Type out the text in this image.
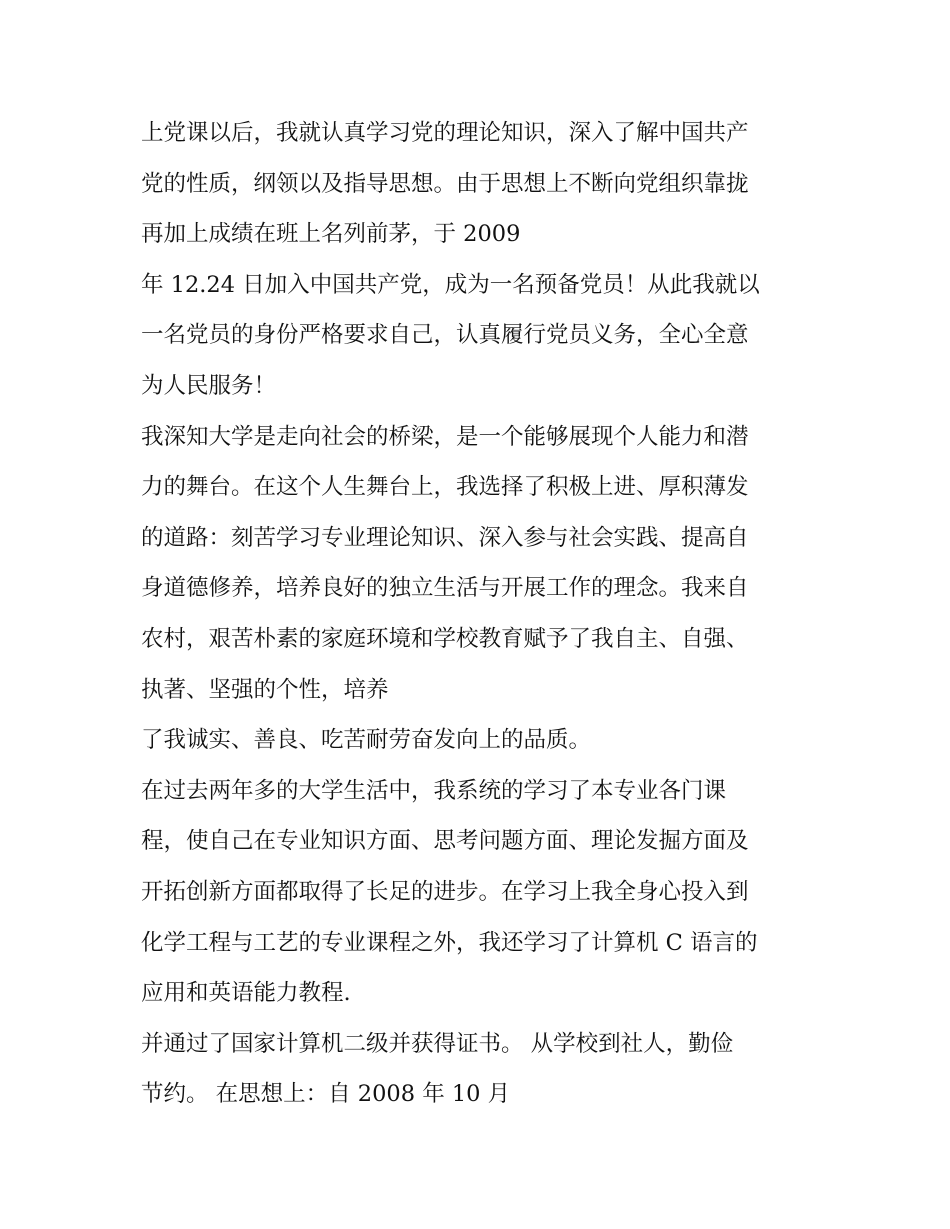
上党课以后，我就认真学习党的理论知识，深入了解中国共产
党的性质，纲领以及指导思想。由于思想上不断向党组织靠拢
再加上成绩在班上名列前茅，于 2009
年 12.24 日加入中国共产党，成为一名预备党员！从此我就以
一名党员的身份严格要求自己，认真履行党员义务，全心全意
为人民服务！
我深知大学是走向社会的桥梁，是一个能够展现个人能力和潜
力的舞台。在这个人生舞台上，我选择了积极上进、厚积薄发
的道路：刻苦学习专业理论知识、深入参与社会实践、提高自
身道德修养，培养良好的独立生活与开展工作的理念。我来自
农村，艰苦朴素的家庭环境和学校教育赋予了我自主、自强、
执著、坚强的个性，培养
了我诚实、善良、吃苦耐劳奋发向上的品质。
在过去两年多的大学生活中，我系统的学习了本专业各门课
程，使自己在专业知识方面、思考问题方面、理论发掘方面及
开拓创新方面都取得了长足的进步。在学习上我全身心投入到
化学工程与工艺的专业课程之外，我还学习了计算机 C 语言的
应用和英语能力教程.
并通过了国家计算机二级并获得证书。 从学校到社人，勤俭
节约。 在思想上：自 2008 年 10 月
